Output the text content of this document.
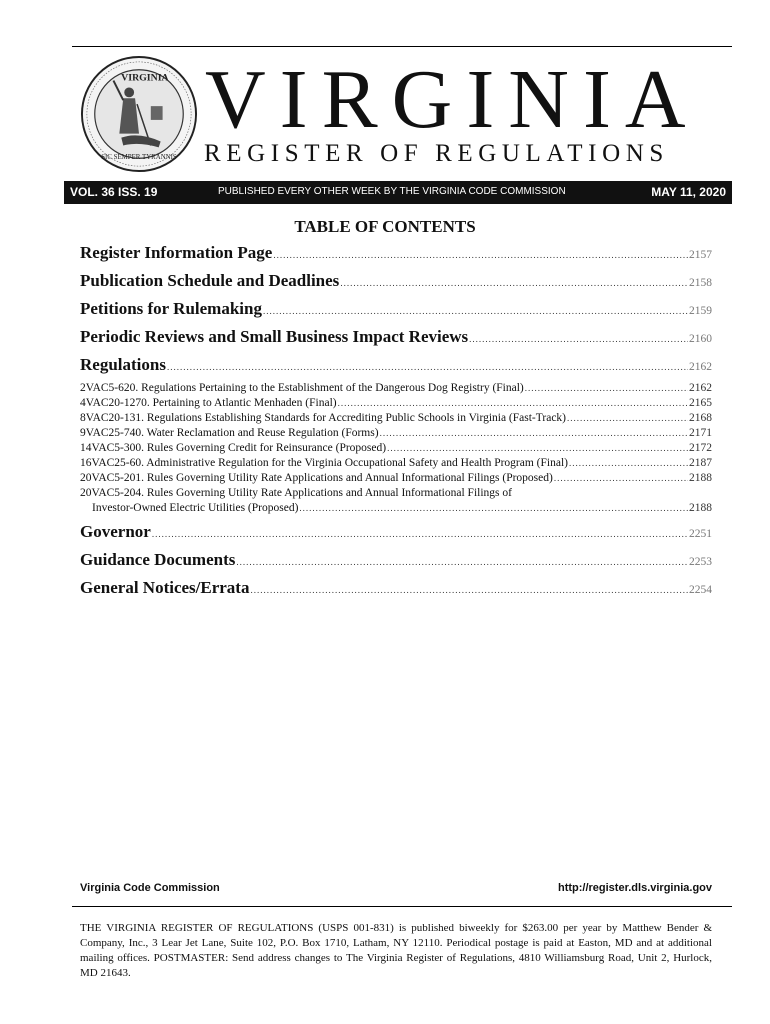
VIRGINIA
SIC SEMPER TYRANNIS
VIRGINIA
REGISTER OF REGULATIONS
VOL. 36 ISS. 19	PUBLISHED EVERY OTHER WEEK BY THE VIRGINIA CODE COMMISSION	MAY 11, 2020
TABLE OF CONTENTS
Register Information Page .....	2157
Publication Schedule and Deadlines .....	2158
Petitions for Rulemaking .....	2159
Periodic Reviews and Small Business Impact Reviews .....	2160
Regulations .....	2162
2VAC5-620. Regulations Pertaining to the Establishment of the Dangerous Dog Registry (Final) .....	2162
4VAC20-1270. Pertaining to Atlantic Menhaden (Final) .....	2165
8VAC20-131. Regulations Establishing Standards for Accrediting Public Schools in Virginia (Fast-Track) .....	2168
9VAC25-740. Water Reclamation and Reuse Regulation (Forms) .....	2171
14VAC5-300. Rules Governing Credit for Reinsurance (Proposed) .....	2172
16VAC25-60. Administrative Regulation for the Virginia Occupational Safety and Health Program (Final) .....	2187
20VAC5-201. Rules Governing Utility Rate Applications and Annual Informational Filings (Proposed) .....	2188
20VAC5-204. Rules Governing Utility Rate Applications and Annual Informational Filings of
Investor-Owned Electric Utilities (Proposed) .....	2188
Governor .....	2251
Guidance Documents .....	2253
General Notices/Errata .....	2254
Virginia Code Commission	http://register.dls.virginia.gov
THE VIRGINIA REGISTER OF REGULATIONS (USPS 001-831) is published biweekly for $263.00 per year by Matthew Bender & Company, Inc., 3 Lear Jet Lane, Suite 102, P.O. Box 1710, Latham, NY 12110. Periodical postage is paid at Easton, MD and at additional mailing offices. POSTMASTER: Send address changes to The Virginia Register of Regulations, 4810 Williamsburg Road, Unit 2, Hurlock, MD 21643.
